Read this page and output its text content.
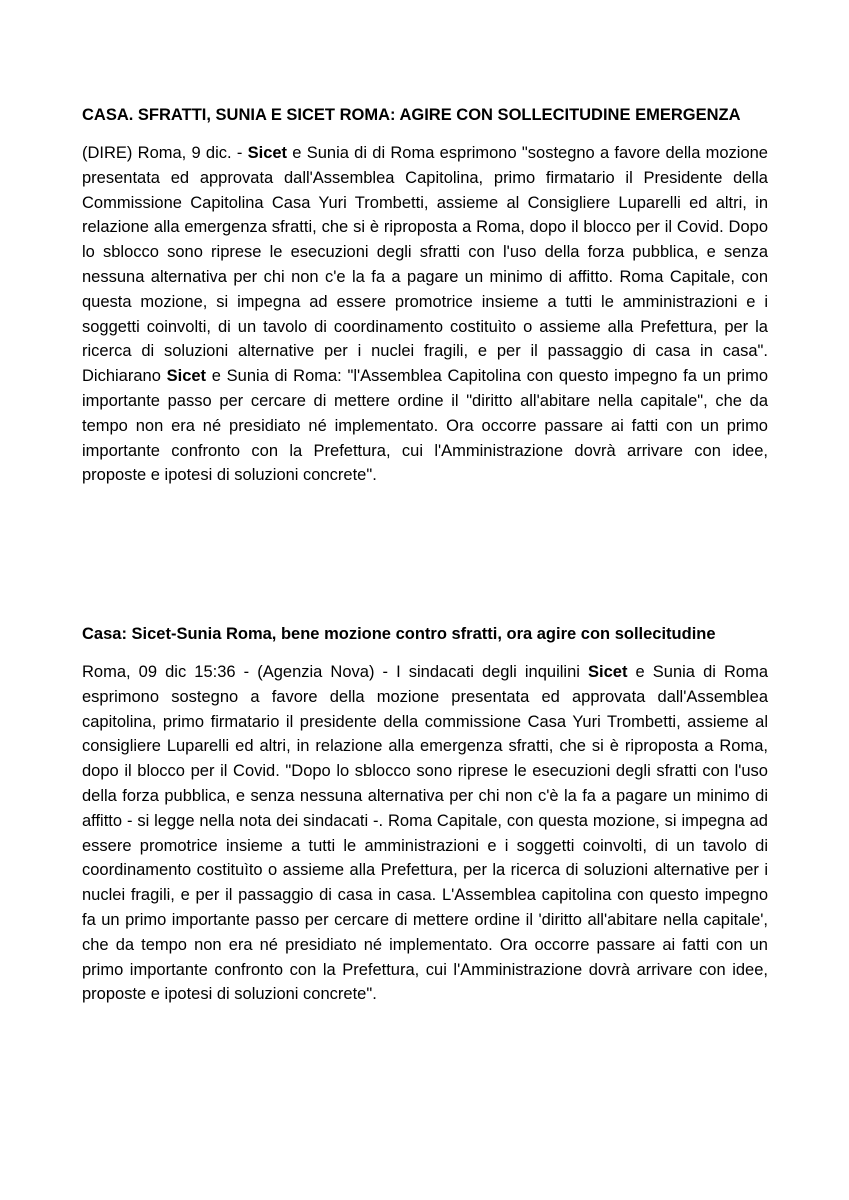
CASA. SFRATTI, SUNIA E SICET ROMA: AGIRE CON SOLLECITUDINE EMERGENZA

(DIRE) Roma, 9 dic. - Sicet e Sunia di di Roma esprimono "sostegno a favore della mozione presentata ed approvata dall'Assemblea Capitolina, primo firmatario il Presidente della Commissione Capitolina Casa Yuri Trombetti, assieme al Consigliere Luparelli ed altri, in relazione alla emergenza sfratti, che si è riproposta a Roma, dopo il blocco per il Covid. Dopo lo sblocco sono riprese le esecuzioni degli sfratti con l'uso della forza pubblica, e senza nessuna alternativa per chi non c'e la fa a pagare un minimo di affitto. Roma Capitale, con questa mozione, si impegna ad essere promotrice insieme a tutti le amministrazioni e i soggetti coinvolti, di un tavolo di coordinamento costituìto o assieme alla Prefettura, per la ricerca di soluzioni alternative per i nuclei fragili, e per il passaggio di casa in casa". Dichiarano Sicet e Sunia di Roma: "l'Assemblea Capitolina con questo impegno fa un primo importante passo per cercare di mettere ordine il "diritto all'abitare nella capitale", che da tempo non era né presidiato né implementato. Ora occorre passare ai fatti con un primo importante confronto con la Prefettura, cui l'Amministrazione dovrà arrivare con idee, proposte e ipotesi di soluzioni concrete".

Casa: Sicet-Sunia Roma, bene mozione contro sfratti, ora agire con sollecitudine

Roma, 09 dic 15:36 - (Agenzia Nova) - I sindacati degli inquilini Sicet e Sunia di Roma esprimono sostegno a favore della mozione presentata ed approvata dall'Assemblea capitolina, primo firmatario il presidente della commissione Casa Yuri Trombetti, assieme al consigliere Luparelli ed altri, in relazione alla emergenza sfratti, che si è riproposta a Roma, dopo il blocco per il Covid. "Dopo lo sblocco sono riprese le esecuzioni degli sfratti con l'uso della forza pubblica, e senza nessuna alternativa per chi non c'è la fa a pagare un minimo di affitto - si legge nella nota dei sindacati -. Roma Capitale, con questa mozione, si impegna ad essere promotrice insieme a tutti le amministrazioni e i soggetti coinvolti, di un tavolo di coordinamento costituìto o assieme alla Prefettura, per la ricerca di soluzioni alternative per i nuclei fragili, e per il passaggio di casa in casa. L'Assemblea capitolina con questo impegno fa un primo importante passo per cercare di mettere ordine il 'diritto all'abitare nella capitale', che da tempo non era né presidiato né implementato. Ora occorre passare ai fatti con un primo importante confronto con la Prefettura, cui l'Amministrazione dovrà arrivare con idee, proposte e ipotesi di soluzioni concrete".
